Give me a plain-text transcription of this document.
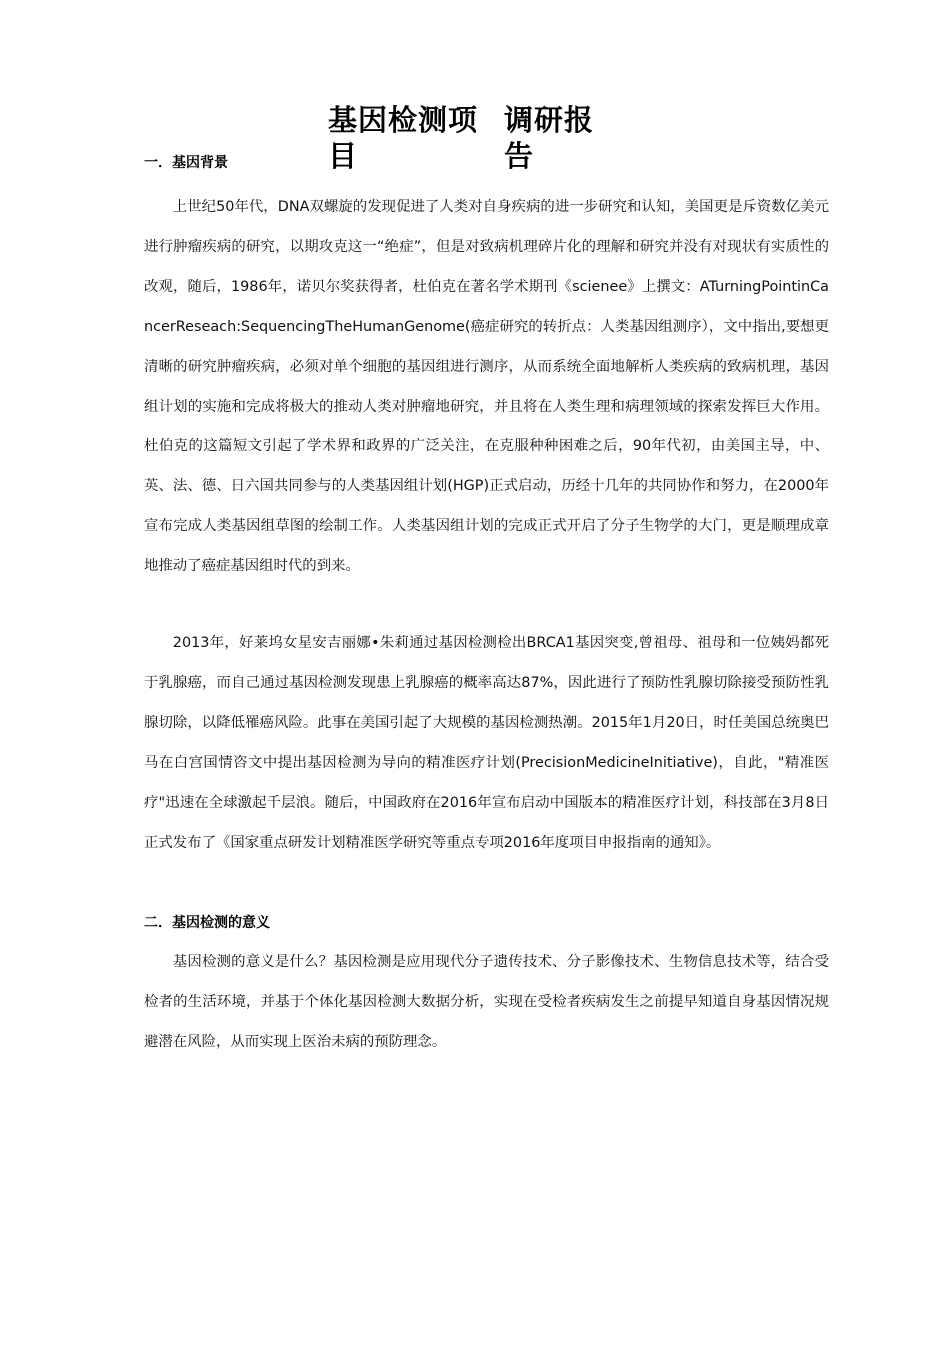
基因检测项目
调研报告
一．基因背景

上世纪50年代，DNA双螺旋的发现促进了人类对自身疾病的进一步研究和认知，美国更是斥资数亿美元进行肿瘤疾病的研究，以期攻克这一“绝症”，但是对致病机理碎片化的理解和研究并没有对现状有实质性的改观，随后，1986年，诺贝尔奖获得者，杜伯克在著名学术期刊《scienee》上撰文：ATurningPointinCancerReseach:SequencingTheHumanGenome(癌症研究的转折点：人类基因组测序），文中指出,要想更清晰的研究肿瘤疾病，必须对单个细胞的基因组进行测序，从而系统全面地解析人类疾病的致病机理，基因组计划的实施和完成将极大的推动人类对肿瘤地研究，并且将在人类生理和病理领域的探索发挥巨大作用。杜伯克的这篇短文引起了学术界和政界的广泛关注，在克服种种困难之后，90年代初，由美国主导，中、英、法、德、日六国共同参与的人类基因组计划(HGP)正式启动，历经十几年的共同协作和努力，在2000年宣布完成人类基因组草图的绘制工作。人类基因组计划的完成正式开启了分子生物学的大门，更是顺理成章地推动了癌症基因组时代的到来。

2013年，好莱坞女星安吉丽娜•朱莉通过基因检测检出BRCA1基因突变,曾祖母、祖母和一位姨妈都死于乳腺癌，而自己通过基因检测发现患上乳腺癌的概率高达87%，因此进行了预防性乳腺切除接受预防性乳腺切除，以降低罹癌风险。此事在美国引起了大规模的基因检测热潮。2015年1月20日，时任美国总统奥巴马在白宫国情咨文中提出基因检测为导向的精准医疗计划(PrecisionMedicineInitiative)，自此，"精准医疗"迅速在全球激起千层浪。随后，中国政府在2016年宣布启动中国版本的精准医疗计划，科技部在3月8日正式发布了《国家重点研发计划精准医学研究等重点专项2016年度项目申报指南的通知》。

二．基因检测的意义

基因检测的意义是什么？基因检测是应用现代分子遗传技术、分子影像技术、生物信息技术等，结合受检者的生活环境，并基于个体化基因检测大数据分析，实现在受检者疾病发生之前提早知道自身基因情况规避潜在风险，从而实现上医治未病的预防理念。
